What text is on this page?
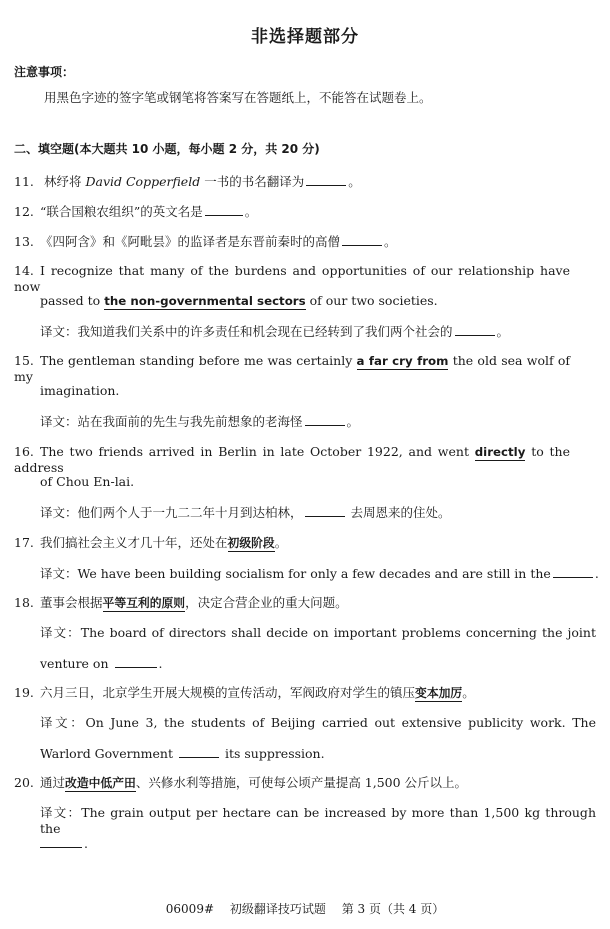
非选择题部分
注意事项：
用黑色字迹的签字笔或钢笔将答案写在答题纸上，不能答在试题卷上。
二、填空题(本大题共 10 小题，每小题 2 分，共 20 分)
11. 林纾将 David Copperfield 一书的书名翻译为	。
12. “联合国粮农组织”的英文名是	。
13. 《四阿含》和《阿毗昙》的监译者是东晋前秦时的高僧	。
14. I recognize that many of the burdens and opportunities of our relationship have now
passed to the non-governmental sectors of our two societies.
译文：我知道我们关系中的许多责任和机会现在已经转到了我们两个社会的	。
15. The gentleman standing before me was certainly a far cry from the old sea wolf of my
imagination.
译文：站在我面前的先生与我先前想象的老海怪	。
16. The two friends arrived in Berlin in late October 1922, and went directly to the address
of Chou En-lai.
译文：他们两个人于一九二二年十月到达柏林，	去周恩来的住处。
17. 我们搞社会主义才几十年，还处在初级阶段。
译文：We have been building socialism for only a few decades and are still in the	.
18. 董事会根据平等互利的原则，决定合营企业的重大问题。
译文：The board of directors shall decide on important problems concerning the joint
venture on	.
19. 六月三日，北京学生开展大规模的宣传活动，军阀政府对学生的镇压变本加厉。
译文：On June 3, the students of Beijing carried out extensive publicity work. The
Warlord Government	its suppression.
20. 通过改造中低产田、兴修水利等措施，可使每公顷产量提高 1,500 公斤以上。
译文：The grain output per hectare can be increased by more than 1,500 kg through the
.
06009# 初级翻译技巧试题 第 3 页（共 4 页）
